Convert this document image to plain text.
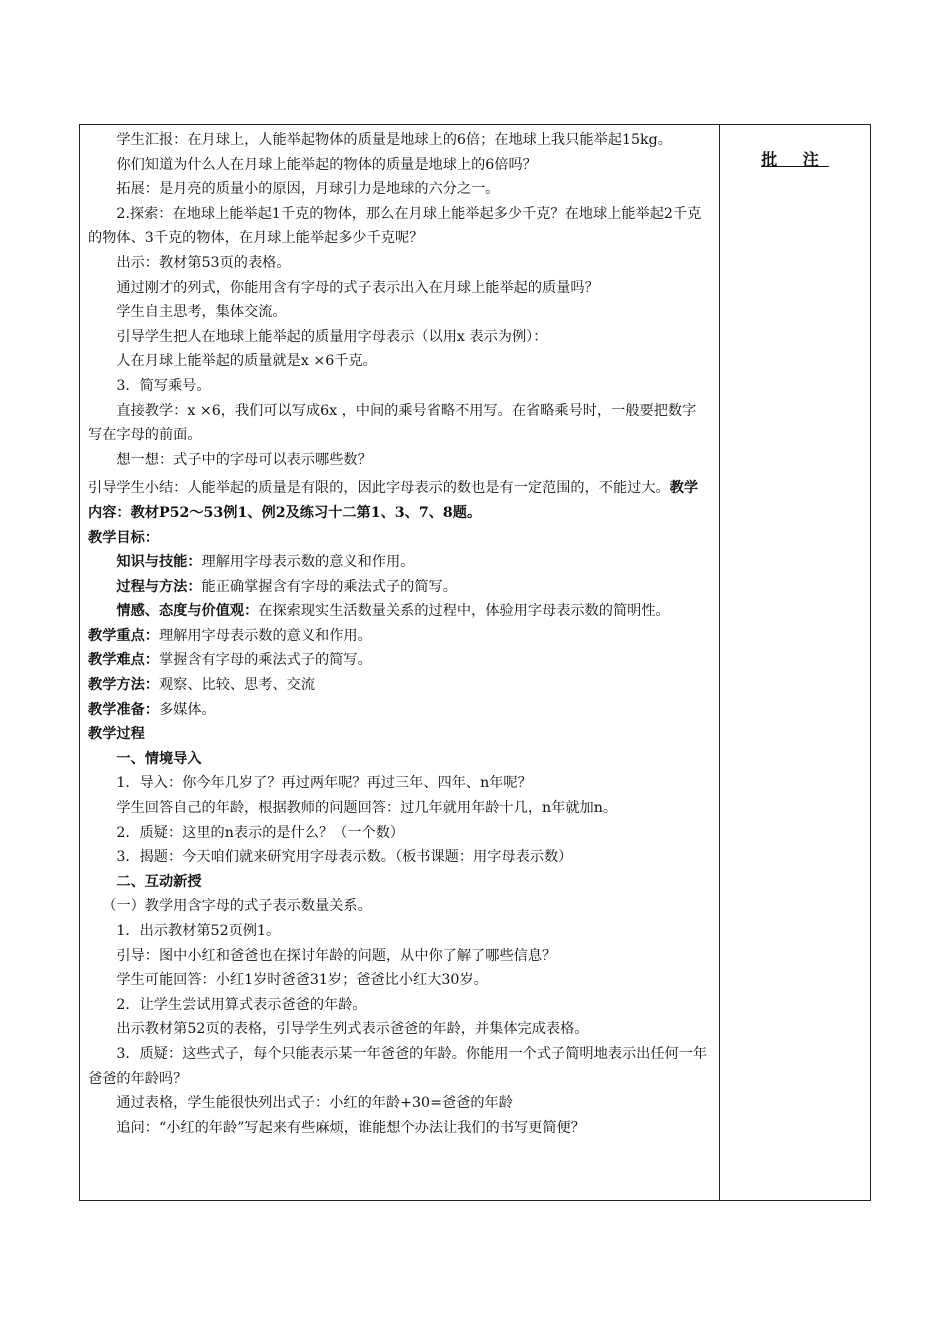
学生汇报：在月球上，人能举起物体的质量是地球上的6倍；在地球上我只能举起15kg。

你们知道为什么人在月球上能举起的物体的质量是地球上的6倍吗？

拓展：是月亮的质量小的原因，月球引力是地球的六分之一。

2.探索：在地球上能举起1千克的物体，那么在月球上能举起多少千克？在地球上能举起2千克的物体、3千克的物体，在月球上能举起多少千克呢？

出示：教材第53页的表格。

通过刚才的列式，你能用含有字母的式子表示出入在月球上能举起的质量吗？

学生自主思考，集体交流。

引导学生把人在地球上能举起的质量用字母表示（以用x 表示为例）：

人在月球上能举起的质量就是x ×6千克。

3．简写乘号。

直接教学：x ×6，我们可以写成6x ，中间的乘号省略不用写。在省略乘号时，一般要把数字写在字母的前面。

想一想：式子中的字母可以表示哪些数？

引导学生小结：人能举起的质量是有限的，因此字母表示的数也是有一定范围的，不能过大。教学内容：教材P52～53例1、例2及练习十二第1、3、7、8题。

教学目标：

知识与技能：理解用字母表示数的意义和作用。

过程与方法：能正确掌握含有字母的乘法式子的简写。

情感、态度与价值观：在探索现实生活数量关系的过程中，体验用字母表示数的简明性。

教学重点：理解用字母表示数的意义和作用。

教学难点：掌握含有字母的乘法式子的简写。

教学方法：观察、比较、思考、交流

教学准备：多媒体。

教学过程

一、情境导入

1．导入：你今年几岁了？再过两年呢？再过三年、四年、n年呢？

学生回答自己的年龄，根据教师的问题回答：过几年就用年龄十几，n年就加n。

2．质疑：这里的n表示的是什么？（一个数）

3．揭题：今天咱们就来研究用字母表示数。（板书课题：用字母表示数）

二、互动新授

（一）教学用含字母的式子表示数量关系。

1．出示教材第52页例1。

引导：图中小红和爸爸也在探讨年龄的问题，从中你了解了哪些信息？

学生可能回答：小红1岁时爸爸31岁；爸爸比小红大30岁。

2．让学生尝试用算式表示爸爸的年龄。

出示教材第52页的表格，引导学生列式表示爸爸的年龄，并集体完成表格。

3．质疑：这些式子，每个只能表示某一年爸爸的年龄。你能用一个式子简明地表示出任何一年爸爸的年龄吗？

通过表格，学生能很快列出式子：小红的年龄+30=爸爸的年龄

追问：“小红的年龄”写起来有些麻烦，谁能想个办法让我们的书写更简便？

批 注
